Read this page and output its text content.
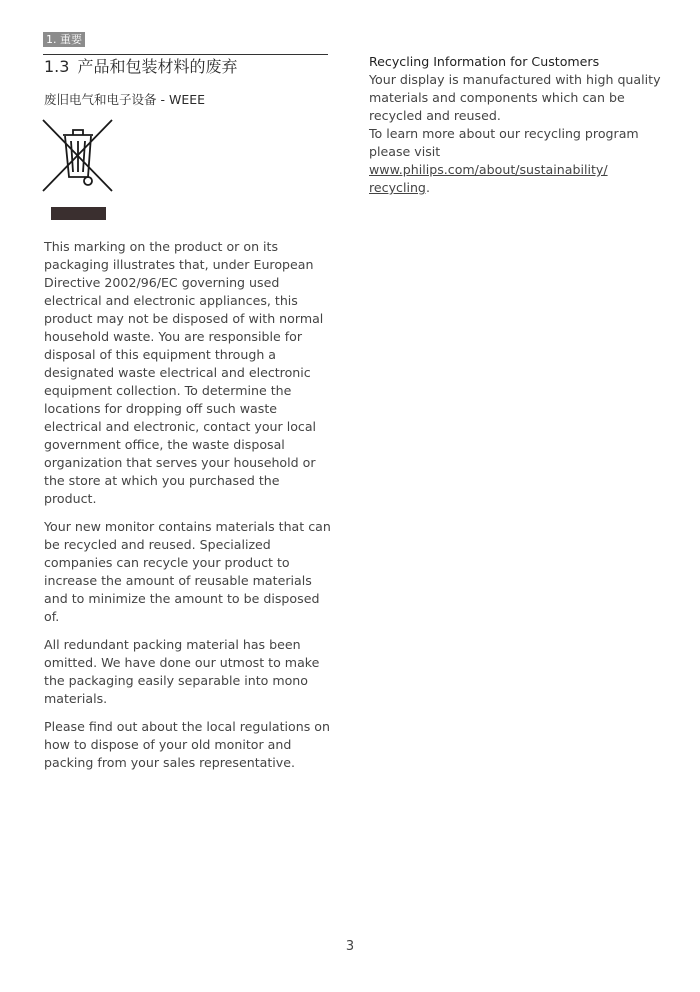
1. 重要
1.3 产品和包装材料的废弃
废旧电气和电子设备 - WEEE

This marking on the product or on its packaging illustrates that, under European Directive 2002/96/EC governing used electrical and electronic appliances, this product may not be disposed of with normal household waste. You are responsible for disposal of this equipment through a designated waste electrical and electronic equipment collection. To determine the locations for dropping off such waste electrical and electronic, contact your local government office, the waste disposal organization that serves your household or the store at which you purchased the product.

Your new monitor contains materials that can be recycled and reused. Specialized companies can recycle your product to increase the amount of reusable materials and to minimize the amount to be disposed of.

All redundant packing material has been omitted. We have done our utmost to make the packaging easily separable into mono materials.

Please find out about the local regulations on how to dispose of your old monitor and packing from your sales representative.

Recycling Information for Customers
Your display is manufactured with high quality materials and components which can be recycled and reused.
To learn more about our recycling program please visit www.philips.com/about/sustainability/
recycling.
3
